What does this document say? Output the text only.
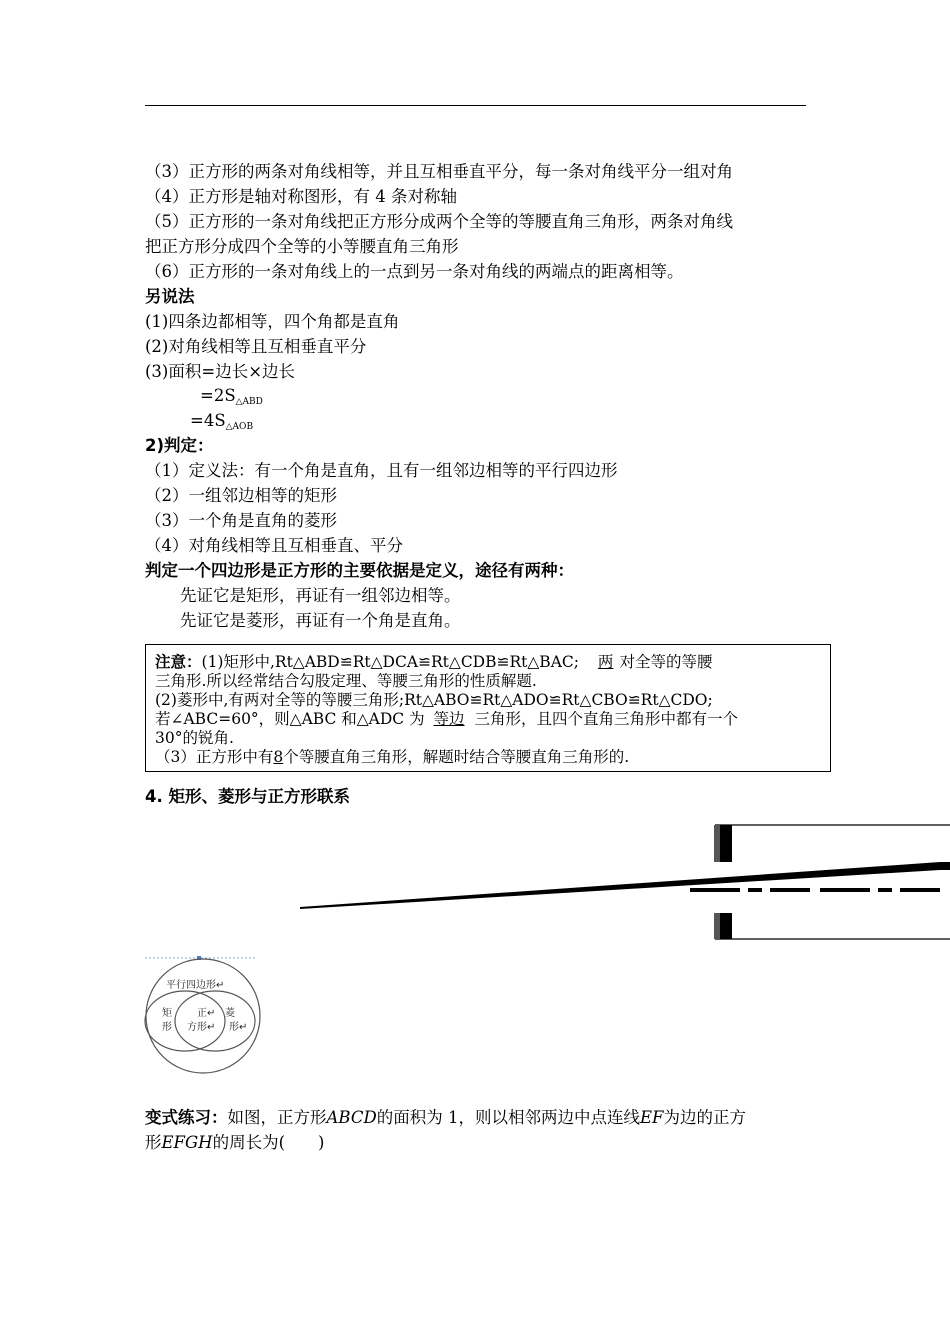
（3）正方形的两条对角线相等，并且互相垂直平分，每一条对角线平分一组对角
（4）正方形是轴对称图形，有 4 条对称轴
（5）正方形的一条对角线把正方形分成两个全等的等腰直角三角形，两条对角线
把正方形分成四个全等的小等腰直角三角形
（6）正方形的一条对角线上的一点到另一条对角线的两端点的距离相等。
另说法
(1)四条边都相等，四个角都是直角
(2)对角线相等且互相垂直平分
(3)面积=边长×边长
=2S△ABD
=4S△AOB
2)判定：
（1）定义法：有一个角是直角，且有一组邻边相等的平行四边形
（2）一组邻边相等的矩形
（3）一个角是直角的菱形
（4）对角线相等且互相垂直、平分
判定一个四边形是正方形的主要依据是定义，途径有两种：
先证它是矩形，再证有一组邻边相等。
先证它是菱形，再证有一个角是直角。
注意：(1)矩形中,Rt△ABD≌Rt△DCA≌Rt△CDB≌Rt△BAC; 两 对全等的等腰
三角形.所以经常结合勾股定理、等腰三角形的性质解题.
(2)菱形中,有两对全等的等腰三角形;Rt△ABO≌Rt△ADO≌Rt△CBO≌Rt△CDO;
若∠ABC=60°，则△ABC 和△ADC 为 等边 三角形，且四个直角三角形中都有一个
30°的锐角.
（3）正方形中有8个等腰直角三角形，解题时结合等腰直角三角形的.
4. 矩形、菱形与正方形联系
平行四边形↵
矩
形
正↵
方形↵
菱
形↵
变式练习：如图，正方形ABCD的面积为 1，则以相邻两边中点连线EF为边的正方
形EFGH的周长为(　　)
